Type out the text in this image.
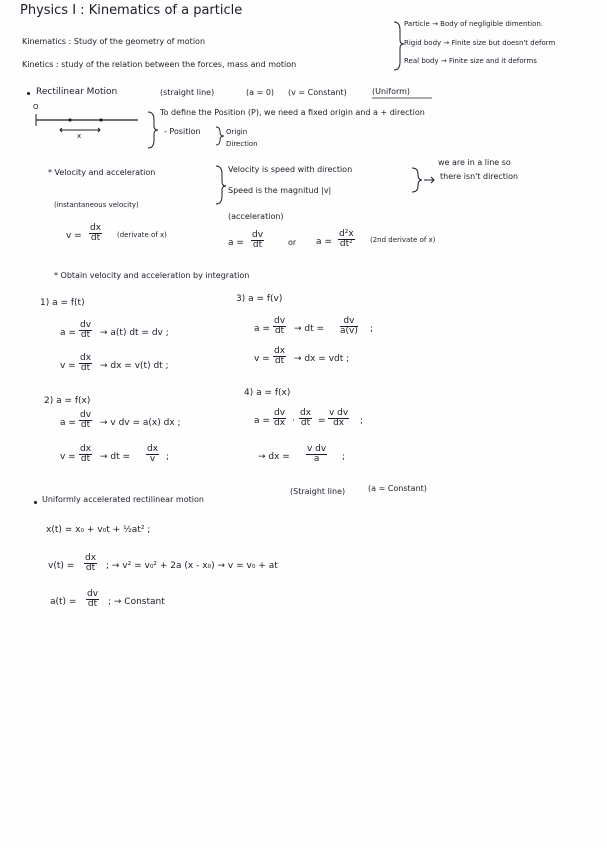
Physics I : Kinematics of a particle
Kinematics : Study of the geometry of motion
Kinetics : study of the relation between the forces, mass and motion
Particle → Body of negligible dimention.
Rigid body → Finite size but doesn't deform
Real body → Finite size and it deforms
Rectilinear Motion	(straight line)	(a = 0) (v = Constant)	(Uniform)
O
x
To define the Position (P), we need a fixed origin and a + direction
- Position	Origin
Direction
* Velocity and acceleration	Velocity is speed with direction
Speed is the magnitud |v|
we are in a line so
there isn't direction
(instantaneous velocity)
(acceleration)
$v = \frac{dx}{dt}$ (derivate of x)
$a = \frac{dv}{dt}$	or $a = \frac{\text{d²x}}{\text{dt²}} (2nd$ derivate of x)
* Obtain velocity and acceleration by integration
1) a = f(t)
$a = \frac{dv}{dt} \to a(t)$ dt = dv ;
$v = \frac{dx}{dt}$ → dx = v(t) dt ;
2) a = f(x)
$a = \frac{dv}{dt} \to v$ dv = a(x) dx ;
$v = \frac{dx}{dt}$ → dt = $\frac{dx}{v}$ ;
3) a = f(v)
$a = \frac{dv}{dt}$ → dt = $\frac{dv}{a(v)}$ ;
$v = \frac{dx}{dt}$ → dx = vdt ;
4) a = f(x)
$a = \frac{dv}{dx} \cdot \frac{dx}{dt} = \frac{\text{v dv}}{dx}$ ;
→ dx = $\frac{\text{v dv}}{a}$ ;
Uniformly accelerated rectilinear motion
(Straight line)	(a = Constant)
x(t) = x₀ + v₀t + ½at² ;
$v(t) = \frac{dx}{dt}$ ; → v² = v₀² + 2a (x - x₀) → v = v₀ + at
$a(t) = \frac{dv}{dt}$ ; → Constant
